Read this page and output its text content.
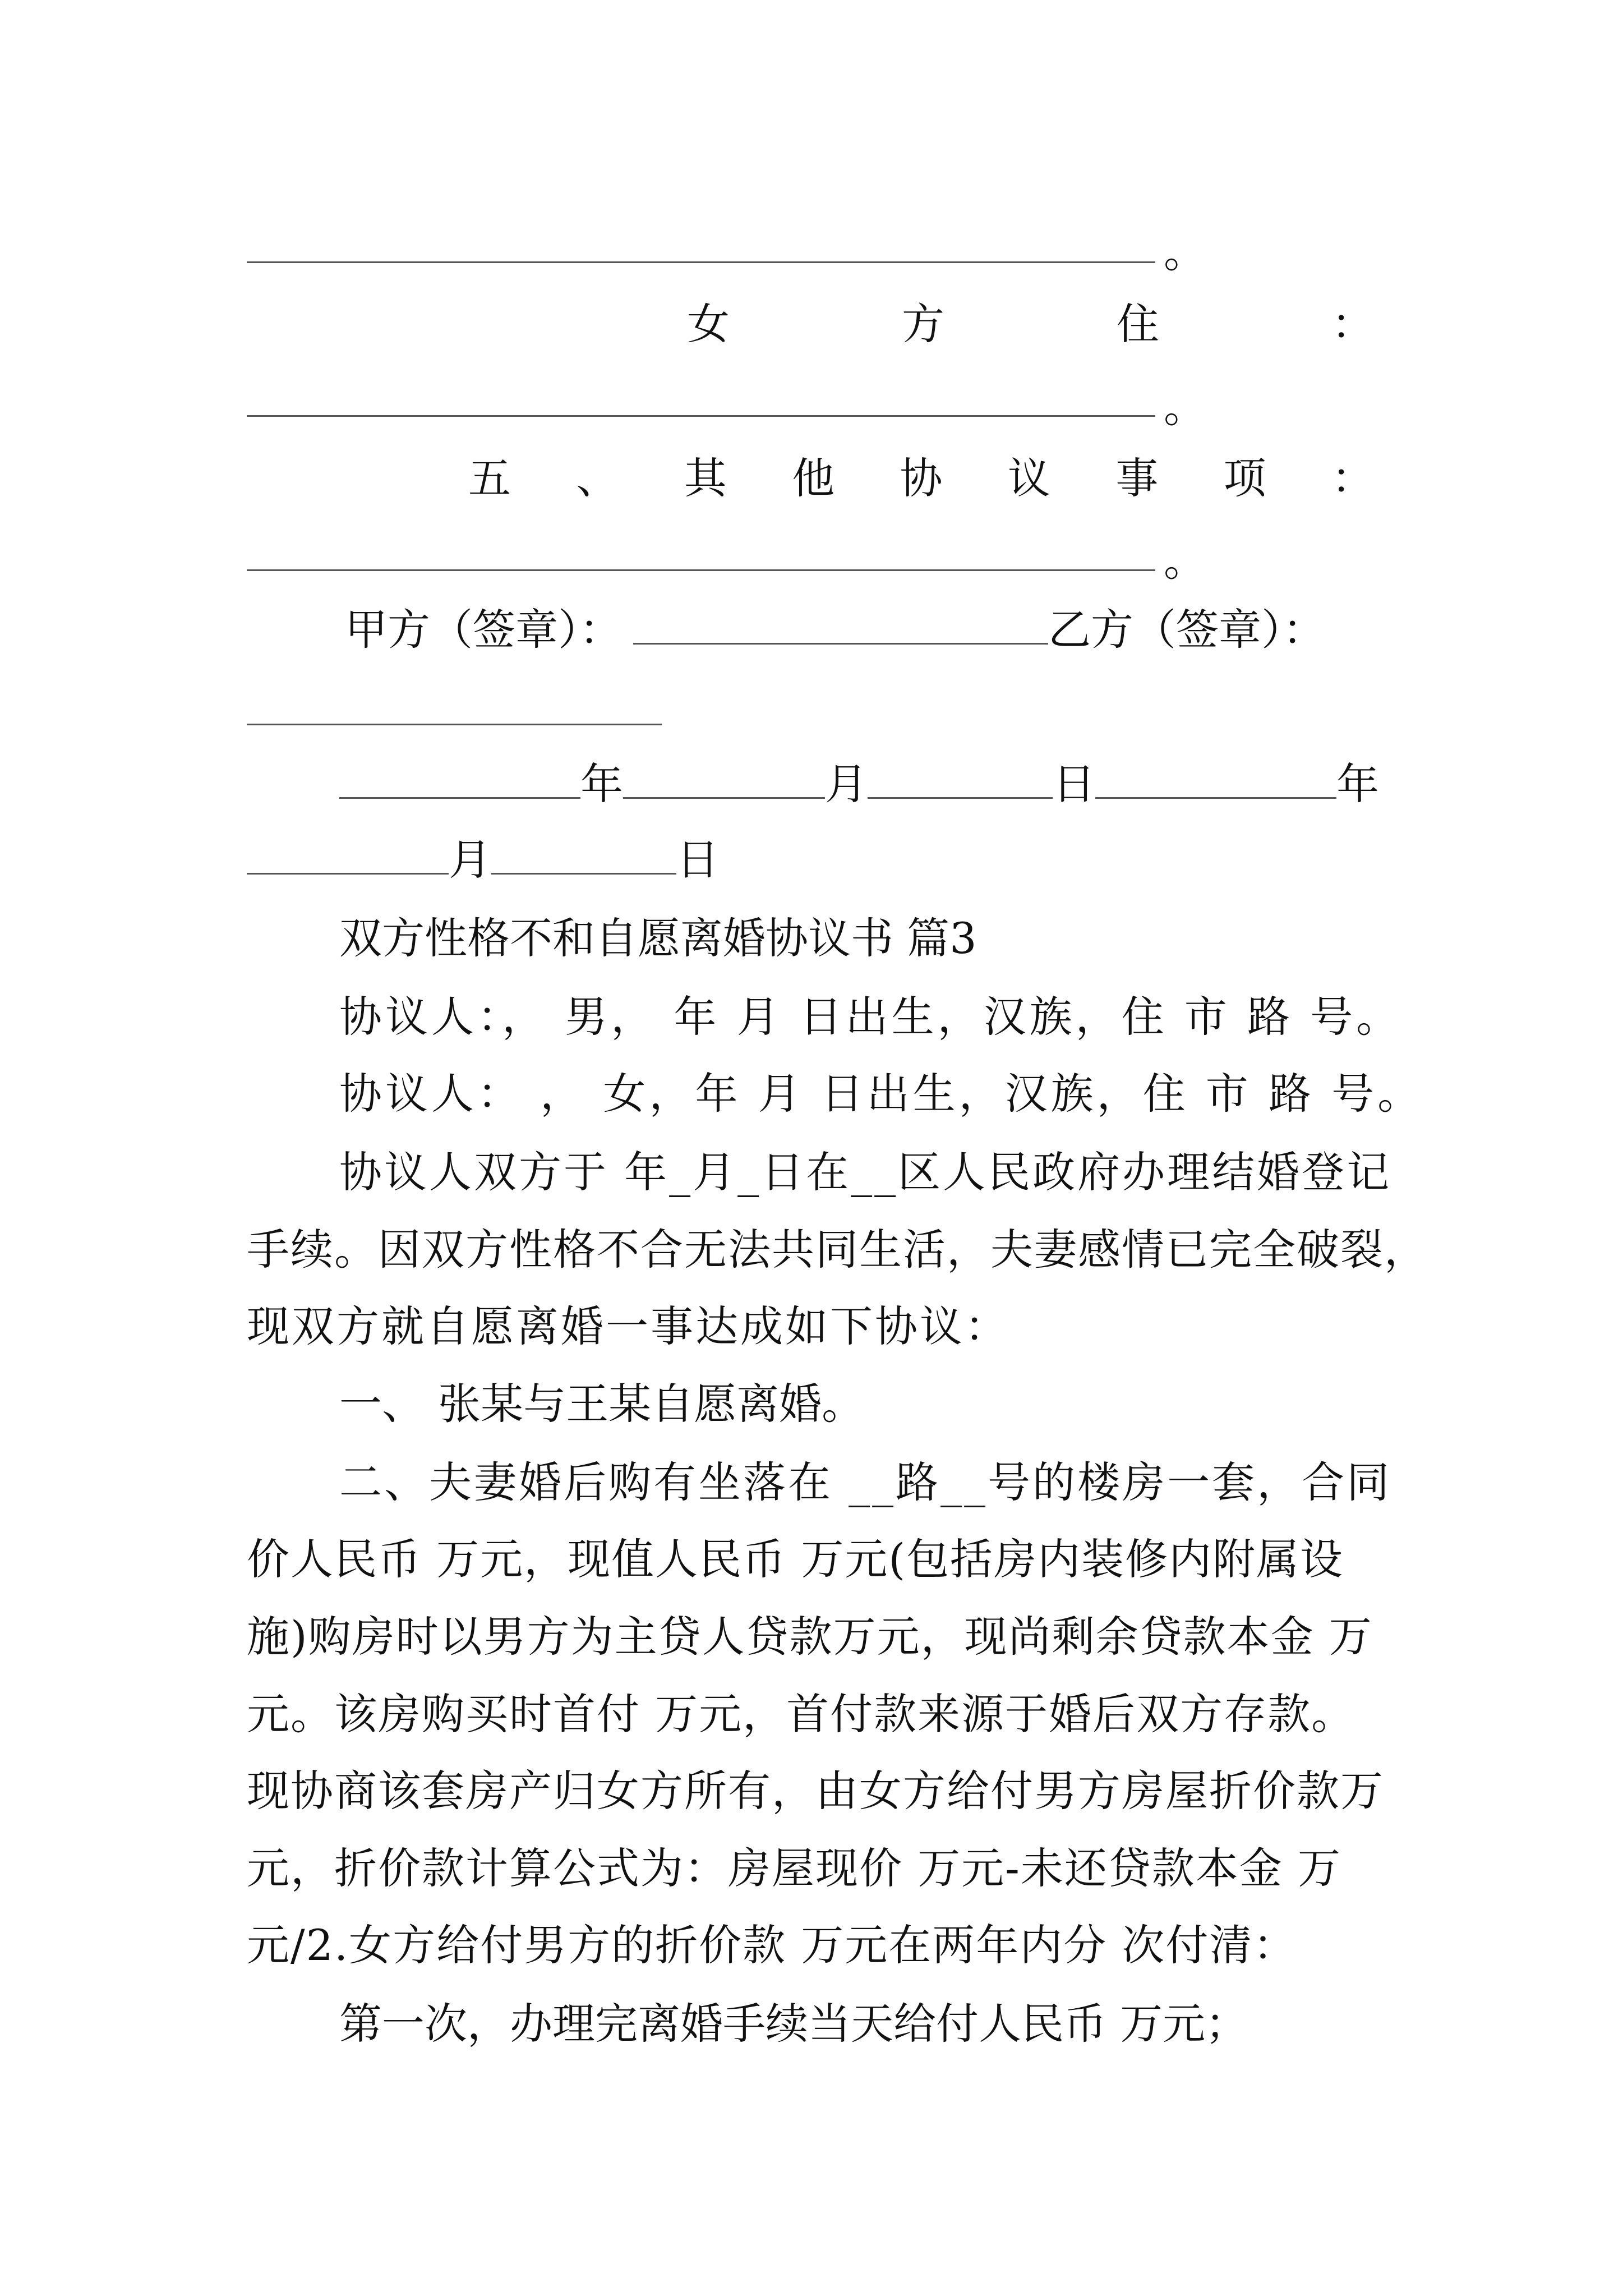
。
女	方	住	：
。
五 、 其 他 协 议 事 项 ：
。
甲方（签章）：	乙方（签章）：
年	月	日	年
月	日
双方性格不和自愿离婚协议书 篇3
协议人：， 男， 年 月 日出生，汉族，住 市 路 号。
协议人： ， 女，年 月 日出生，汉族，住 市 路 号。
协议人双方于 年_月_日在__区人民政府办理结婚登记
手续。因双方性格不合无法共同生活，夫妻感情已完全破裂，
现双方就自愿离婚一事达成如下协议：
一、 张某与王某自愿离婚。
二、夫妻婚后购有坐落在 __路__号的楼房一套，合同
价人民币 万元，现值人民币 万元(包括房内装修内附属设
施)购房时以男方为主贷人贷款万元，现尚剩余贷款本金 万
元。该房购买时首付 万元，首付款来源于婚后双方存款。
现协商该套房产归女方所有，由女方给付男方房屋折价款万
元，折价款计算公式为：房屋现价 万元-未还贷款本金 万
元/2.女方给付男方的折价款 万元在两年内分 次付清：
第一次，办理完离婚手续当天给付人民币 万元；
